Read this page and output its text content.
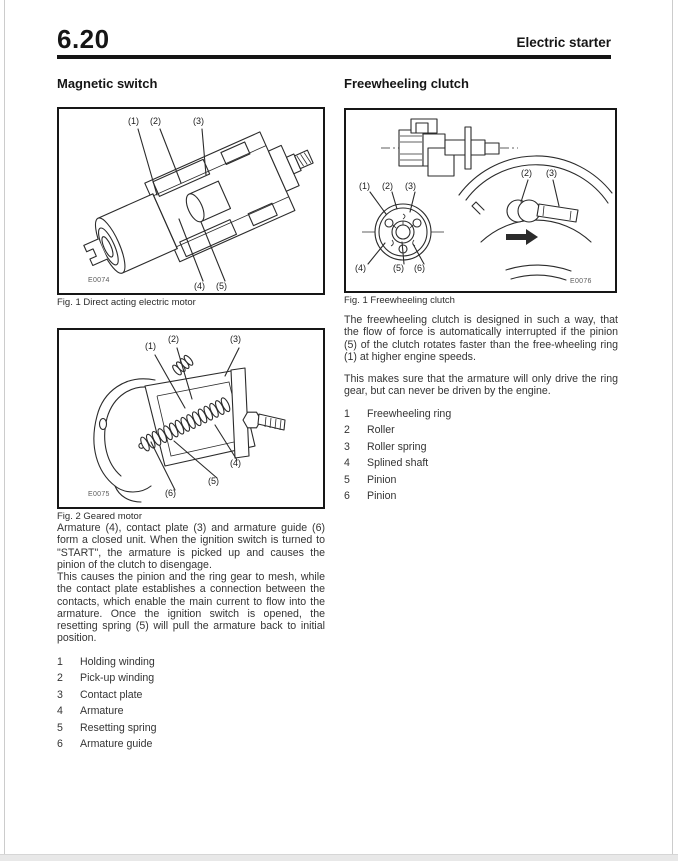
6.20	Electric starter
Magnetic switch
(1) (2)	(3)
(4) (5)
E0074

Fig. 1 Direct acting electric motor

(1)
(2)	(3)
(4)
(5)
(6)
E0075

Fig. 2 Geared motor

Armature (4), contact plate (3) and armature guide (6) form a closed unit. When the ignition switch is turned to "START", the armature is picked up and causes the pinion of the clutch to disengage.

This causes the pinion and the ring gear to mesh, while the contact plate establishes a connection between the contacts, which enable the main current to flow into the armature. Once the ignition switch is opened, the resetting spring (5) will pull the armature back to initial position.

1	Holding winding
2	Pick-up winding
3	Contact plate
4	Armature
5	Resetting spring
6	Armature guide
Freewheeling clutch
(1) (2) (3)
(4)	(5) (6)
(2) (3)
E0076

Fig. 1 Freewheeling clutch

The freewheeling clutch is designed in such a way, that the flow of force is automatically interrupted if the pinion (5) of the clutch rotates faster than the free-wheeling ring (1) at higher engine speeds.

This makes sure that the armature will only drive the ring gear, but can never be driven by the engine.

1	Freewheeling ring
2	Roller
3	Roller spring
4	Splined shaft
5	Pinion
6	Pinion
